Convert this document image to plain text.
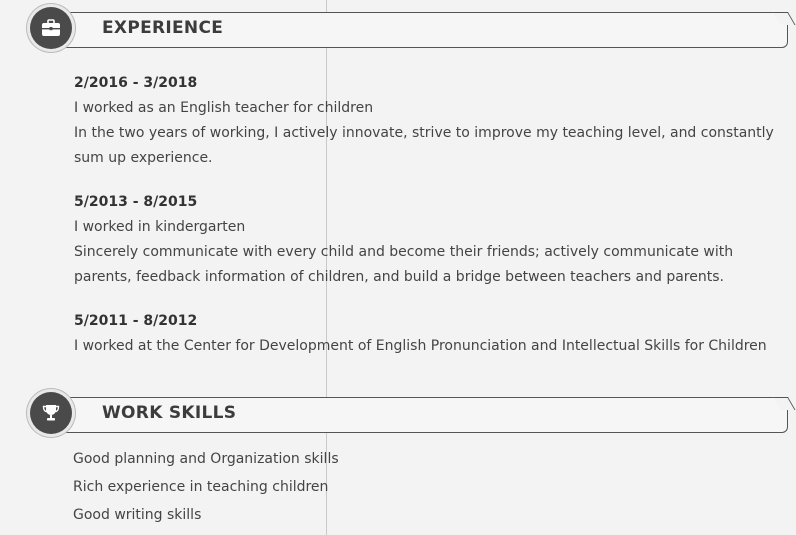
EXPERIENCE
2/2016 - 3/2018
I worked as an English teacher for children
In the two years of working, I actively innovate, strive to improve my teaching level, and constantly
sum up experience.
5/2013 - 8/2015
I worked in kindergarten
Sincerely communicate with every child and become their friends; actively communicate with
parents, feedback information of children, and build a bridge between teachers and parents.
5/2011 - 8/2012
I worked at the Center for Development of English Pronunciation and Intellectual Skills for Children
WORK SKILLS
Good planning and Organization skills
Rich experience in teaching children
Good writing skills
